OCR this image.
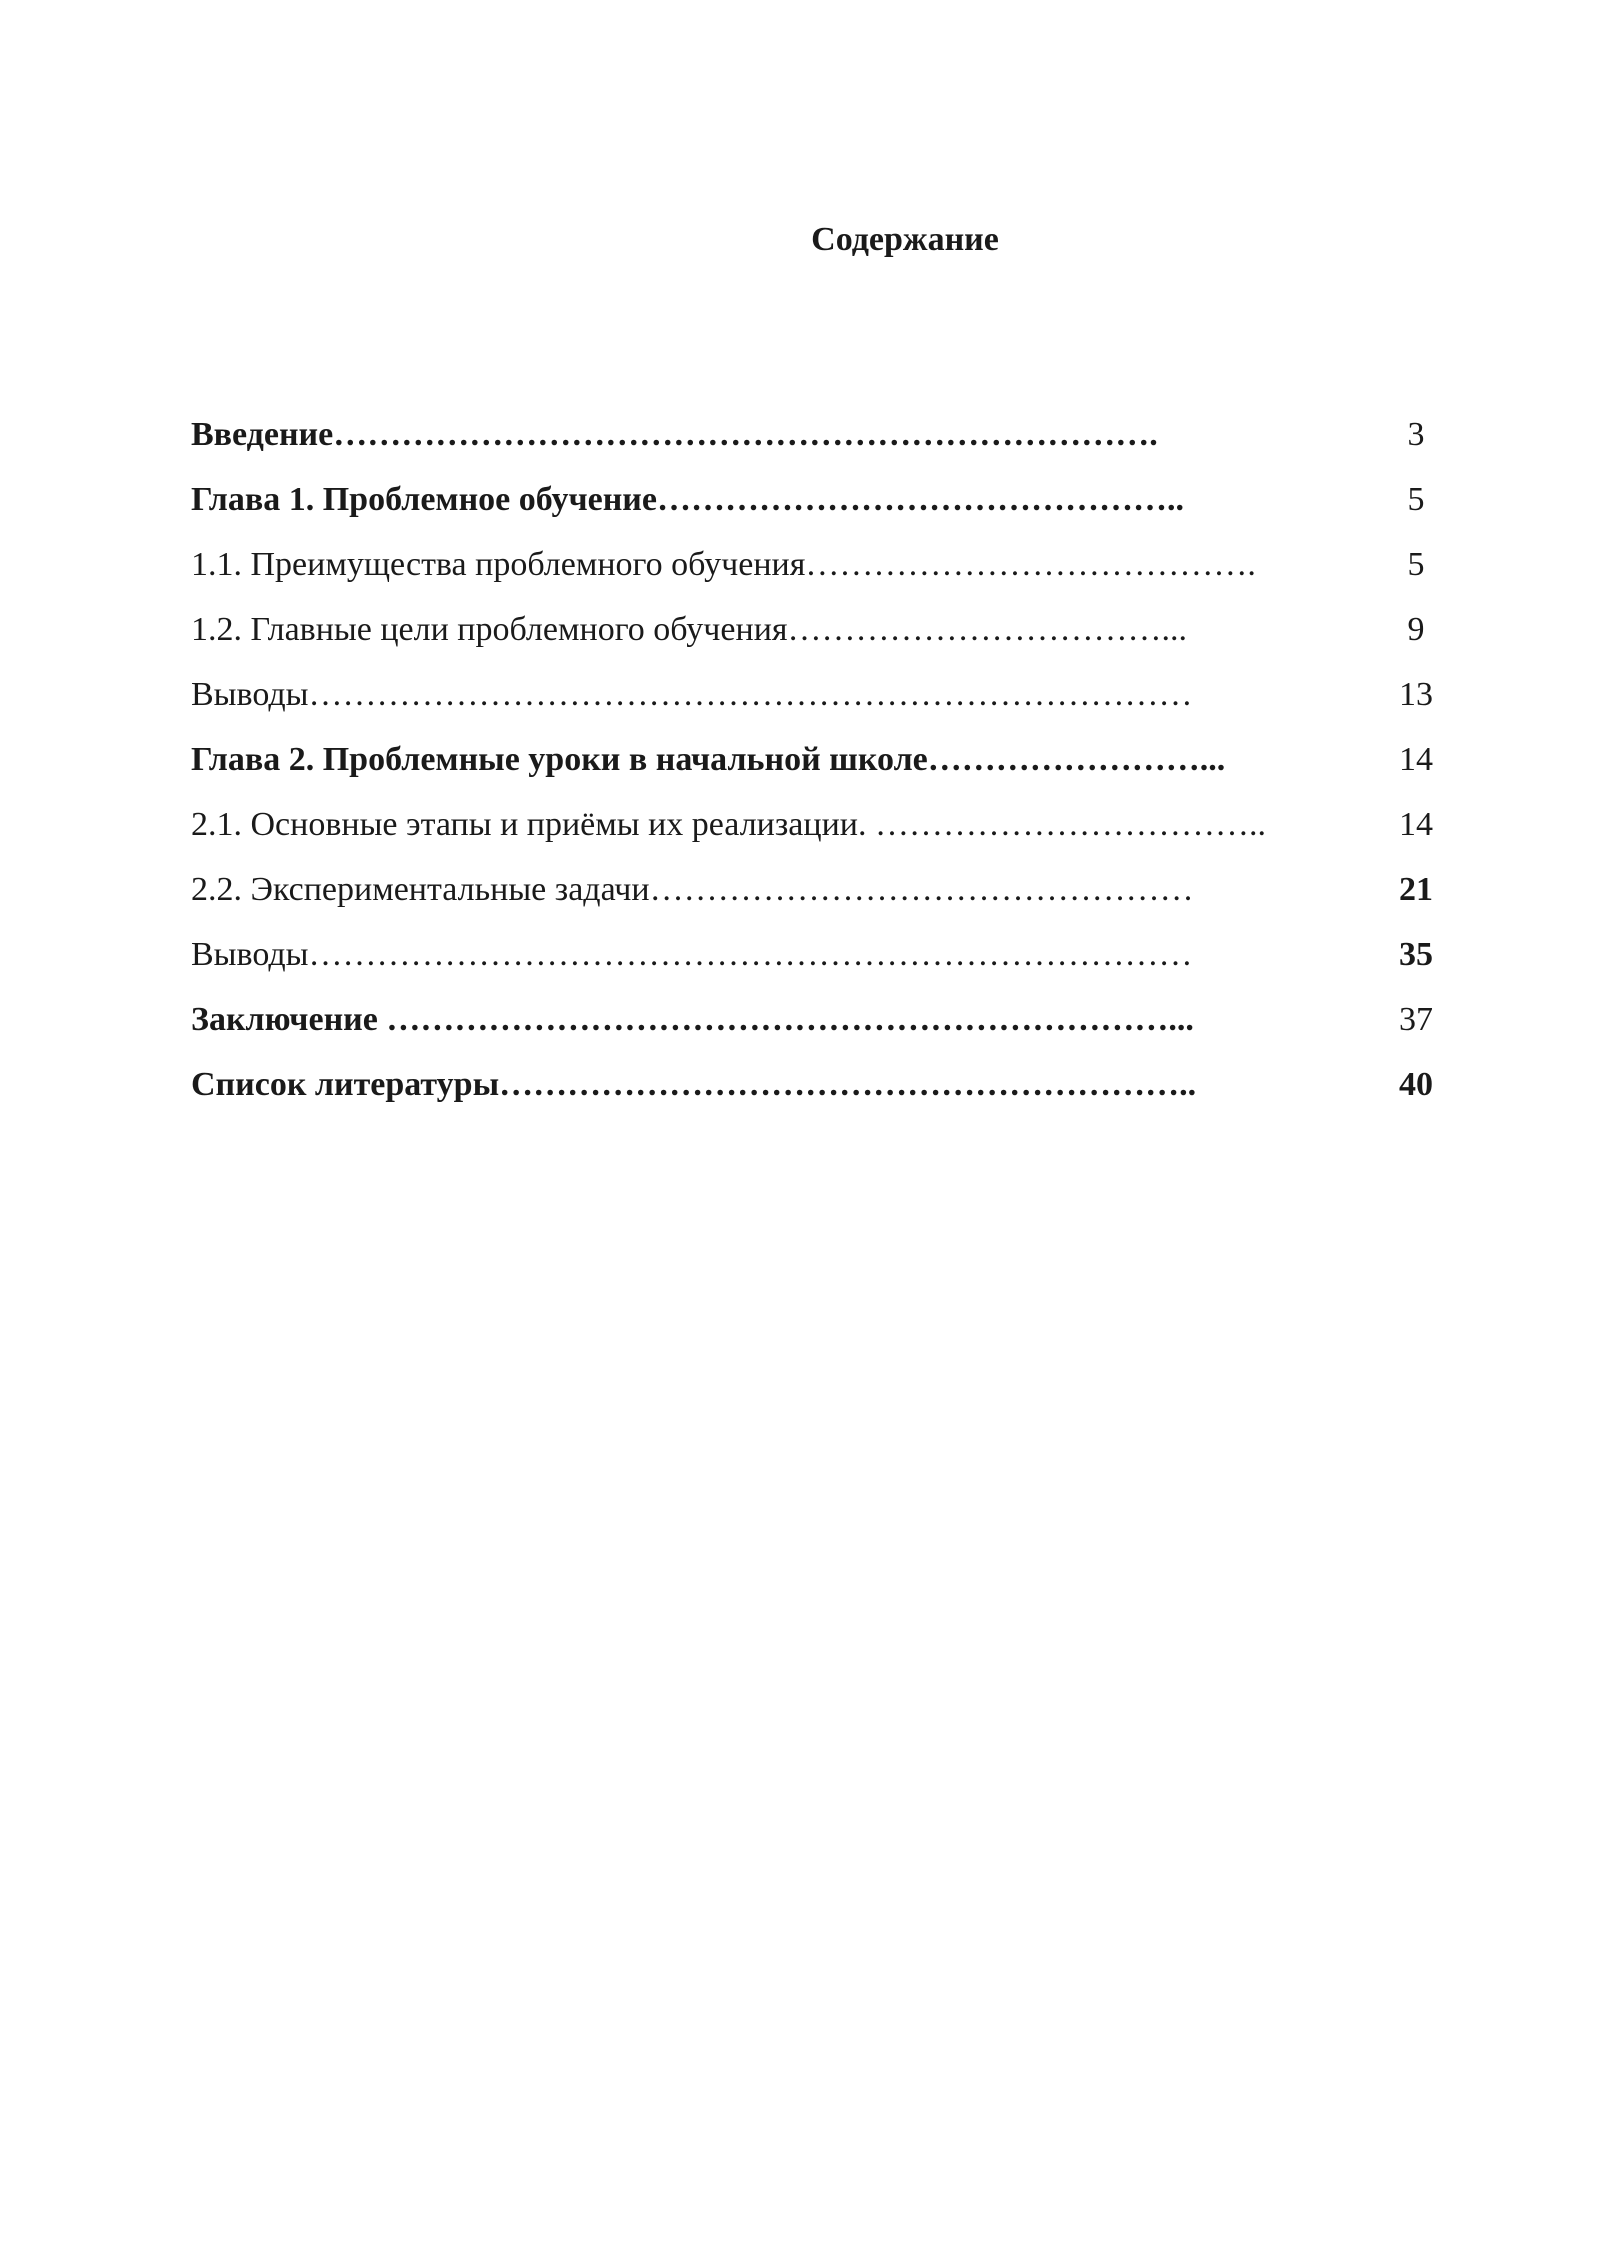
Содержание
Введение……………………………………………………………….	3
Глава 1. Проблемное обучение………………………………………..	5
1.1. Преимущества проблемного обучения………………………………….	5
1.2. Главные цели проблемного обучения……………………………...	9
Выводы……………………………………………………………………	13
Глава 2. Проблемные уроки в начальной школе……………………...	14
2.1. Основные этапы и приёмы их реализации. ……………………………..	14
2.2. Экспериментальные задачи…………………………………………	21
Выводы……………………………………………………………………	35
Заключение ……………………………………………………………...	37
Список литературы……………………………………………………..	40
